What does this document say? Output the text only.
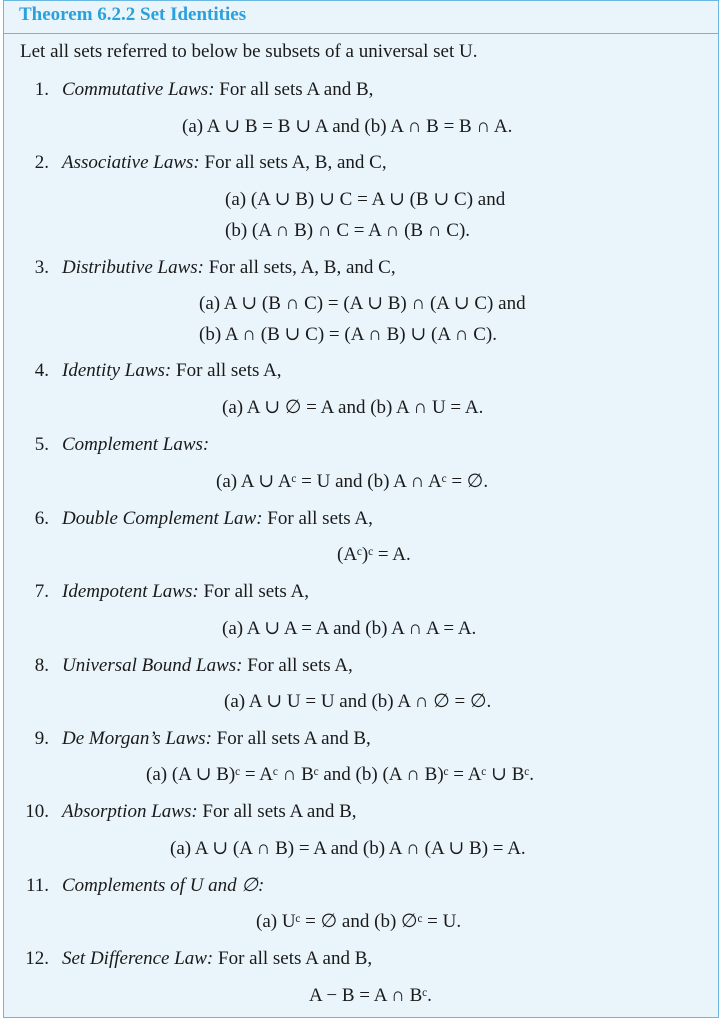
Theorem 6.2.2 Set Identities
Let all sets referred to below be subsets of a universal set U.
1. Commutative Laws: For all sets A and B,
(a) A ∪ B = B ∪ A and (b) A ∩ B = B ∩ A.
2. Associative Laws: For all sets A, B, and C,
(a) (A ∪ B) ∪ C = A ∪ (B ∪ C) and
(b) (A ∩ B) ∩ C = A ∩ (B ∩ C).
3. Distributive Laws: For all sets, A, B, and C,
(a) A ∪ (B ∩ C) = (A ∪ B) ∩ (A ∪ C) and
(b) A ∩ (B ∪ C) = (A ∩ B) ∪ (A ∩ C).
4. Identity Laws: For all sets A,
(a) A ∪ ∅ = A and (b) A ∩ U = A.
5. Complement Laws:
(a) A ∪ Aᶜ = U and (b) A ∩ Aᶜ = ∅.
6. Double Complement Law: For all sets A,
(Aᶜ)ᶜ = A.
7. Idempotent Laws: For all sets A,
(a) A ∪ A = A and (b) A ∩ A = A.
8. Universal Bound Laws: For all sets A,
(a) A ∪ U = U and (b) A ∩ ∅ = ∅.
9. De Morgan’s Laws: For all sets A and B,
(a) (A ∪ B)ᶜ = Aᶜ ∩ Bᶜ and (b) (A ∩ B)ᶜ = Aᶜ ∪ Bᶜ.
10. Absorption Laws: For all sets A and B,
(a) A ∪ (A ∩ B) = A and (b) A ∩ (A ∪ B) = A.
11. Complements of U and ∅:
(a) Uᶜ = ∅ and (b) ∅ᶜ = U.
12. Set Difference Law: For all sets A and B,
A − B = A ∩ Bᶜ.
